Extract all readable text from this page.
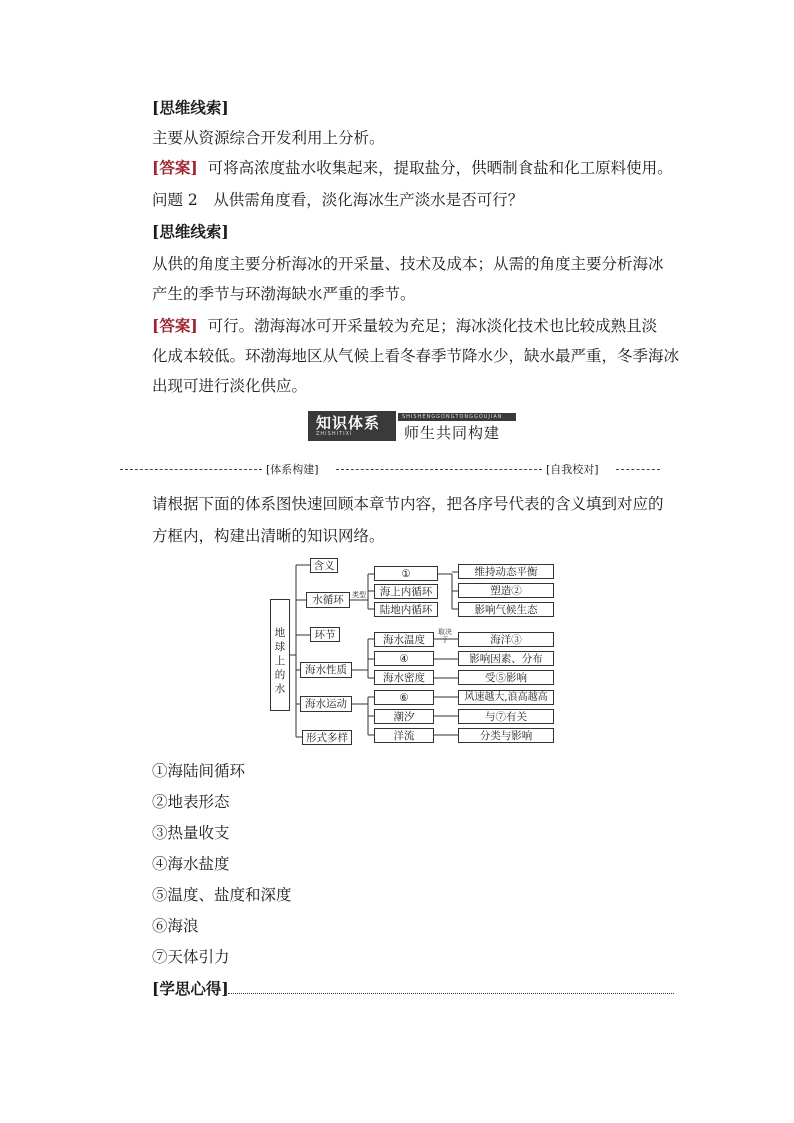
[思维线索]
主要从资源综合开发利用上分析。
[答案] 可将高浓度盐水收集起来，提取盐分，供晒制食盐和化工原料使用。
问题 2　从供需角度看，淡化海冰生产淡水是否可行？
[思维线索]
从供的角度主要分析海冰的开采量、技术及成本；从需的角度主要分析海冰
产生的季节与环渤海缺水严重的季节。
[答案] 可行。渤海海冰可开采量较为充足；海冰淡化技术也比较成熟且淡
化成本较低。环渤海地区从气候上看冬春季节降水少，缺水最严重，冬季海冰
出现可进行淡化供应。
知识体系
ZHISHITIXI
SHISHENGGONGTONGGOUJIAN
师生共同构建
[体系构建]	[自我校对]
请根据下面的体系图快速回顾本章节内容，把各序号代表的含义填到对应的
方框内，构建出清晰的知识网络。
地球上的水
含义
水循环
环节
海水性质
海水运动
形式多样
类型
取决于
①
海上内循环
陆地内循环
海水温度
④
海水密度
⑥
潮汐
洋流
维持动态平衡
塑造②
影响气候生态
海洋③
影响因素、分布
受⑤影响
风速越大,浪高越高
与⑦有关
分类与影响
①海陆间循环
②地表形态
③热量收支
④海水盐度
⑤温度、盐度和深度
⑥海浪
⑦天体引力
[学思心得]
